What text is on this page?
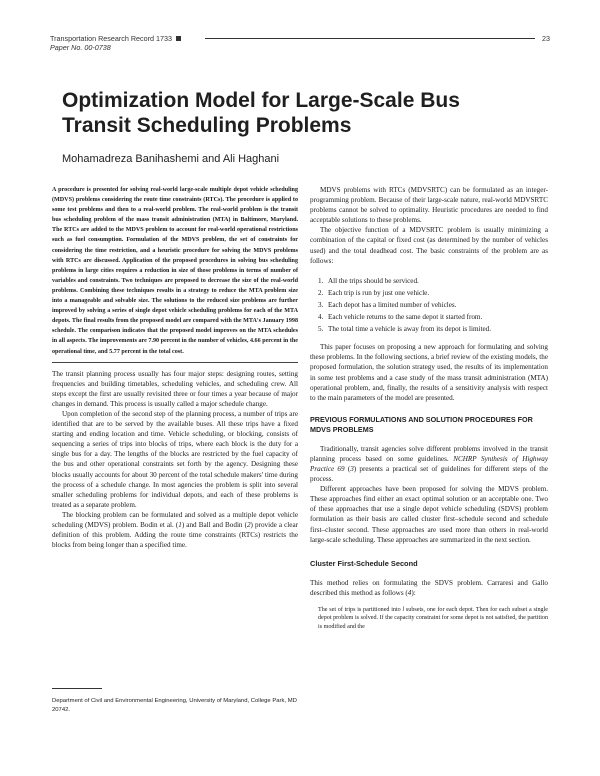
Transportation Research Record 1733	23
Paper No. 00-0738
Optimization Model for Large-Scale Bus Transit Scheduling Problems
Mohamadreza Banihashemi and Ali Haghani

A procedure is presented for solving real-world large-scale multiple depot vehicle scheduling (MDVS) problems considering the route time constraints (RTCs). The procedure is applied to some test problems and then to a real-world problem. The real-world problem is the transit bus scheduling problem of the mass transit administration (MTA) in Baltimore, Maryland. The RTCs are added to the MDVS problem to account for real-world operational restrictions such as fuel consumption. Formulation of the MDVS problem, the set of constraints for considering the time restriction, and a heuristic procedure for solving the MDVS problems with RTCs are discussed. Application of the proposed procedures in solving bus scheduling problems in large cities requires a reduction in size of those problems in terms of number of variables and constraints. Two techniques are proposed to decrease the size of the real-world problems. Combining these techniques results in a strategy to reduce the MTA problem size into a manageable and solvable size. The solutions to the reduced size problems are further improved by solving a series of single depot vehicle scheduling problems for each of the MTA depots. The final results from the proposed model are compared with the MTA's January 1998 schedule. The comparison indicates that the proposed model improves on the MTA schedules in all aspects. The improvements are 7.90 percent in the number of vehicles, 4.66 percent in the operational time, and 5.77 percent in the total cost.

The transit planning process usually has four major steps: designing routes, setting frequencies and building timetables, scheduling vehicles, and scheduling crew. All steps except the first are usually revisited three or four times a year because of major changes in demand. This process is usually called a major schedule change.

Upon completion of the second step of the planning process, a number of trips are identified that are to be served by the available buses. All these trips have a fixed starting and ending location and time. Vehicle scheduling, or blocking, consists of sequencing a series of trips into blocks of trips, where each block is the duty for a single bus for a day. The lengths of the blocks are restricted by the fuel capacity of the bus and other operational constraints set forth by the agency. Designing these blocks usually accounts for about 30 percent of the total schedule makers' time during the process of a schedule change. In most agencies the problem is split into several smaller scheduling problems for individual depots, and each of these problems is treated as a separate problem.

The blocking problem can be formulated and solved as a multiple depot vehicle scheduling (MDVS) problem. Bodin et al. (1) and Ball and Bodin (2) provide a clear definition of this problem. Adding the route time constraints (RTCs) restricts the blocks from being longer than a specified time.

Department of Civil and Environmental Engineering, University of Maryland, College Park, MD 20742.

MDVS problems with RTCs (MDVSRTC) can be formulated as an integer-programming problem. Because of their large-scale nature, real-world MDVSRTC problems cannot be solved to optimality. Heuristic procedures are needed to find acceptable solutions to these problems.

The objective function of a MDVSRTC problem is usually minimizing a combination of the capital or fixed cost (as determined by the number of vehicles used) and the total deadhead cost. The basic constraints of the problem are as follows:

1. All the trips should be serviced.
2. Each trip is run by just one vehicle.
3. Each depot has a limited number of vehicles.
4. Each vehicle returns to the same depot it started from.
5. The total time a vehicle is away from its depot is limited.

This paper focuses on proposing a new approach for formulating and solving these problems. In the following sections, a brief review of the existing models, the proposed formulation, the solution strategy used, the results of its implementation in some test problems and a case study of the mass transit administration (MTA) operational problem, and, finally, the results of a sensitivity analysis with respect to the main parameters of the model are presented.

PREVIOUS FORMULATIONS AND SOLUTION PROCEDURES FOR MDVS PROBLEMS

Traditionally, transit agencies solve different problems involved in the transit planning process based on some guidelines. NCHRP Synthesis of Highway Practice 69 (3) presents a practical set of guidelines for different steps of the process.

Different approaches have been proposed for solving the MDVS problem. These approaches find either an exact optimal solution or an acceptable one. Two of these approaches that use a single depot vehicle scheduling (SDVS) problem formulation as their basis are called cluster first–schedule second and schedule first–cluster second. These approaches are used more than others in real-world large-scale scheduling. These approaches are summarized in the next section.

Cluster First-Schedule Second

This method relies on formulating the SDVS problem. Carraresi and Gallo described this method as follows (4):

The set of trips is partitioned into l subsets, one for each depot. Then for each subset a single depot problem is solved. If the capacity constraint for some depot is not satisfied, the partition is modified and the
